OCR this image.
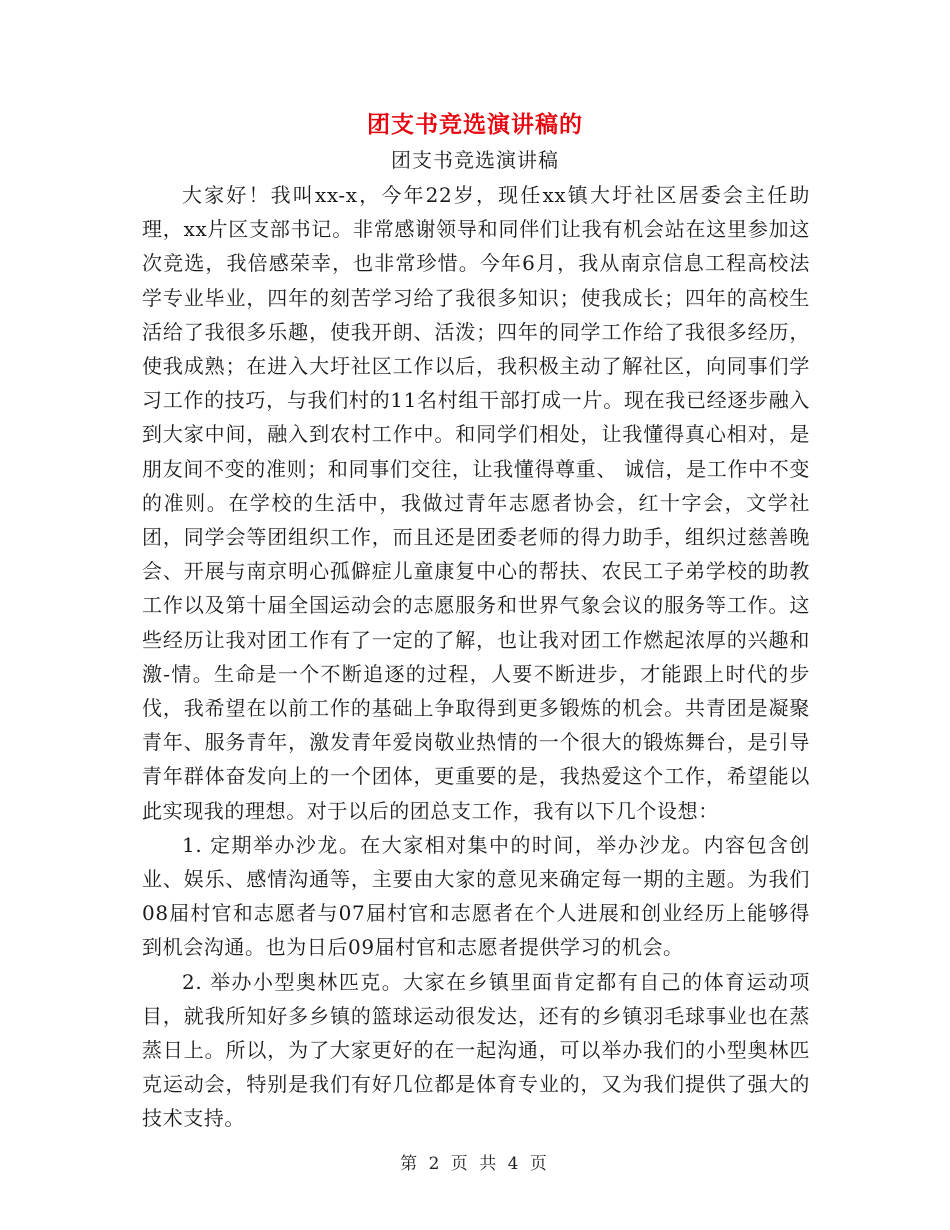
团支书竞选演讲稿的
团支书竞选演讲稿

大家好！我叫xx-x，今年22岁，现任xx镇大圩社区居委会主任助理，xx片区支部书记。非常感谢领导和同伴们让我有机会站在这里参加这次竞选，我倍感荣幸，也非常珍惜。今年6月，我从南京信息工程高校法学专业毕业，四年的刻苦学习给了我很多知识；使我成长；四年的高校生活给了我很多乐趣，使我开朗、活泼；四年的同学工作给了我很多经历，使我成熟；在进入大圩社区工作以后，我积极主动了解社区，向同事们学习工作的技巧，与我们村的11名村组干部打成一片。现在我已经逐步融入到大家中间，融入到农村工作中。和同学们相处，让我懂得真心相对，是朋友间不变的准则；和同事们交往，让我懂得尊重、 诚信，是工作中不变的准则。在学校的生活中，我做过青年志愿者协会，红十字会，文学社团，同学会等团组织工作，而且还是团委老师的得力助手，组织过慈善晚会、开展与南京明心孤僻症儿童康复中心的帮扶、农民工子弟学校的助教工作以及第十届全国运动会的志愿服务和世界气象会议的服务等工作。这些经历让我对团工作有了一定的了解，也让我对团工作燃起浓厚的兴趣和激-情。生命是一个不断追逐的过程，人要不断进步，才能跟上时代的步伐，我希望在以前工作的基础上争取得到更多锻炼的机会。共青团是凝聚青年、服务青年，激发青年爱岗敬业热情的一个很大的锻炼舞台，是引导青年群体奋发向上的一个团体，更重要的是，我热爱这个工作，希望能以此实现我的理想。对于以后的团总支工作，我有以下几个设想：

1. 定期举办沙龙。在大家相对集中的时间，举办沙龙。内容包含创业、娱乐、感情沟通等，主要由大家的意见来确定每一期的主题。为我们08届村官和志愿者与07届村官和志愿者在个人进展和创业经历上能够得到机会沟通。也为日后09届村官和志愿者提供学习的机会。

2. 举办小型奥林匹克。大家在乡镇里面肯定都有自己的体育运动项目，就我所知好多乡镇的篮球运动很发达，还有的乡镇羽毛球事业也在蒸蒸日上。所以，为了大家更好的在一起沟通，可以举办我们的小型奥林匹克运动会，特别是我们有好几位都是体育专业的，又为我们提供了强大的技术支持。

第 2 页 共 4 页
